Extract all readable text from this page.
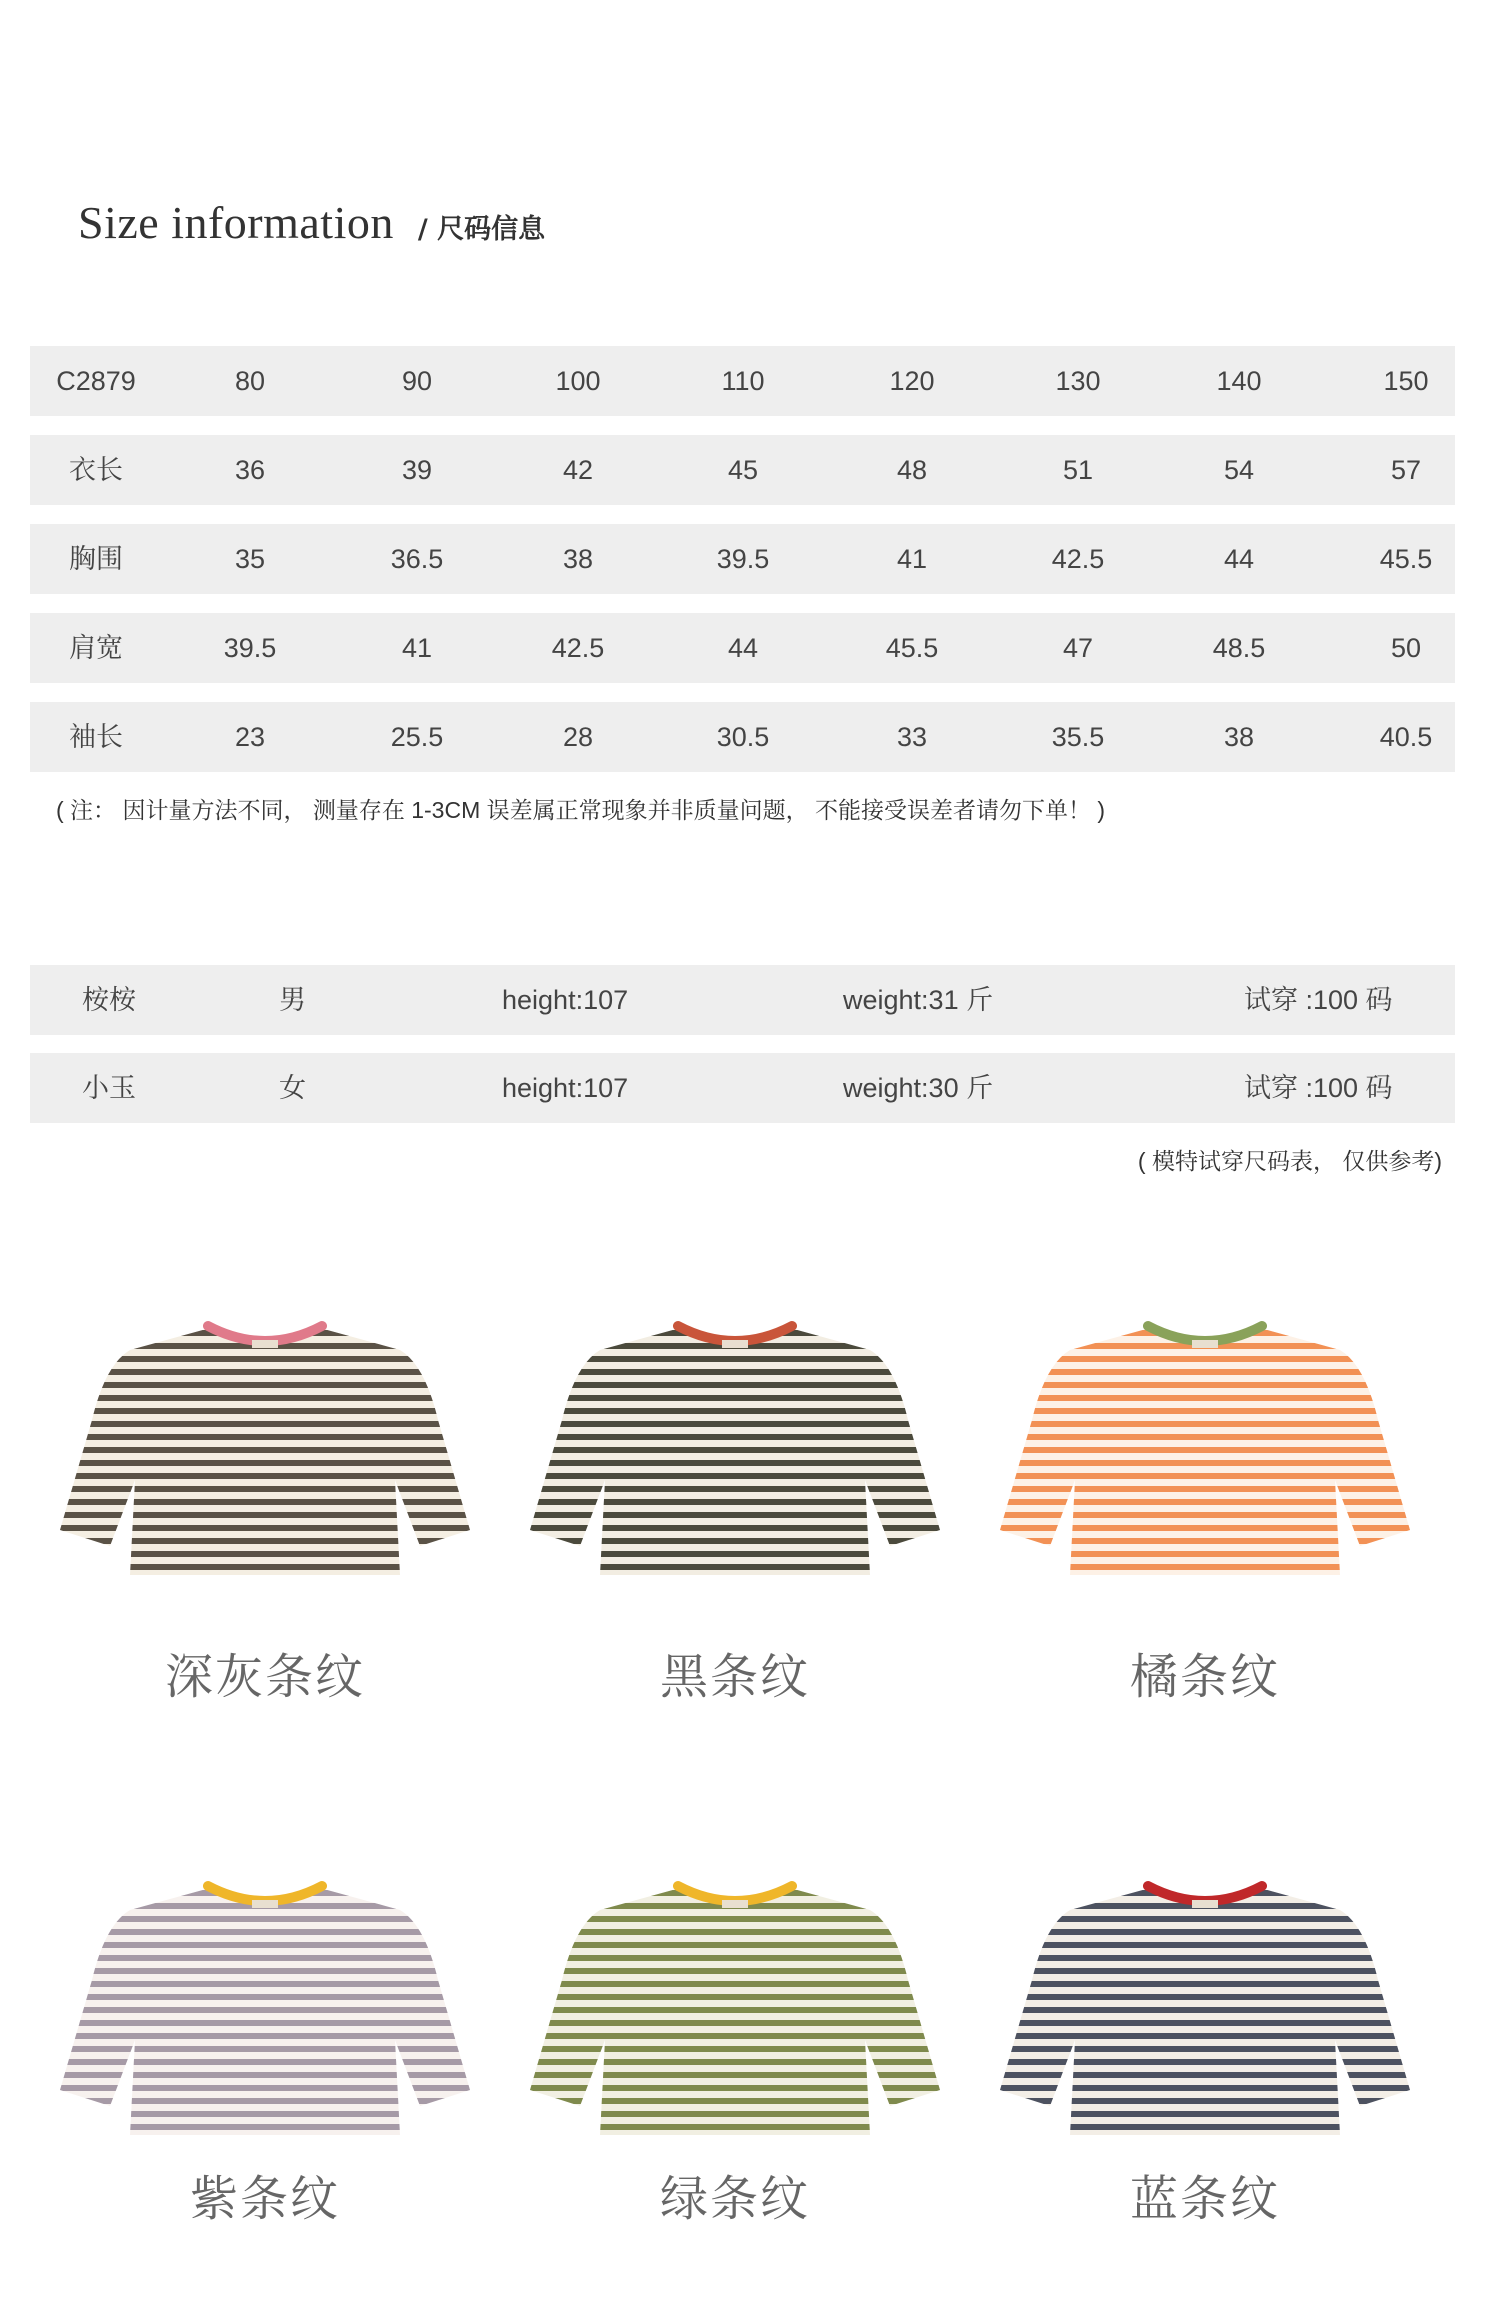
Size information / 尺码信息
C2879	80	90	100	110	120	130	140	150
衣长	36	39	42	45	48	51	54	57
胸围	35	36.5	38	39.5	41	42.5	44	45.5
肩宽	39.5	41	42.5	44	45.5	47	48.5	50
袖长	23	25.5	28	30.5	33	35.5	38	40.5
( 注： 因计量方法不同， 测量存在 1-3CM 误差属正常现象并非质量问题， 不能接受误差者请勿下单！ )
桉桉	男	height:107	weight:31 斤	试穿 :100 码
小玉	女	height:107	weight:30 斤	试穿 :100 码
( 模特试穿尺码表， 仅供参考)
深灰条纹	黑条纹	橘条纹
紫条纹	绿条纹	蓝条纹
